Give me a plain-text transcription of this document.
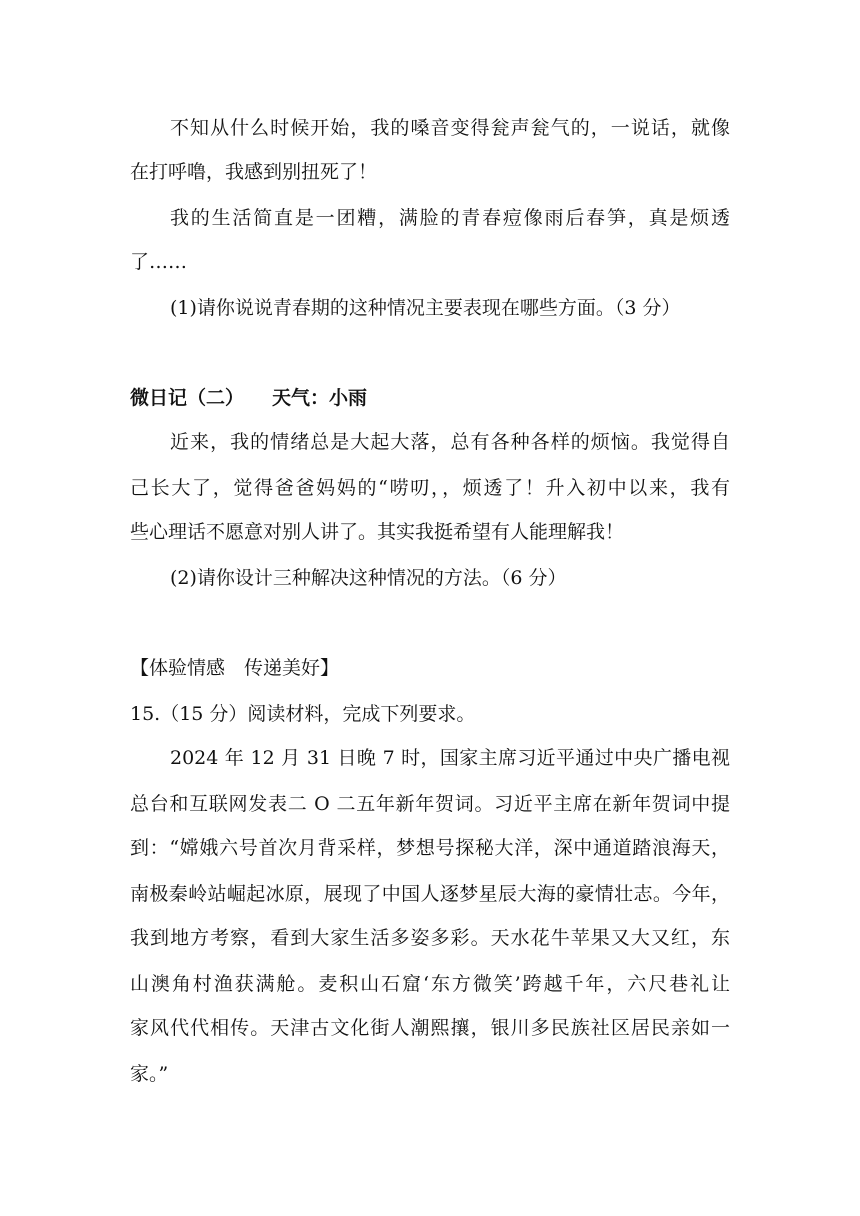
不知从什么时候开始，我的嗓音变得瓮声瓮气的，一说话，就像
在打呼噜，我感到别扭死了！
我的生活简直是一团糟，满脸的青春痘像雨后春笋，真是烦透
了……
(1)请你说说青春期的这种情况主要表现在哪些方面。（3 分）
微日记（二） 天气：小雨
近来，我的情绪总是大起大落，总有各种各样的烦恼。我觉得自
己长大了，觉得爸爸妈妈的“唠叨，，烦透了！升入初中以来，我有
些心理话不愿意对别人讲了。其实我挺希望有人能理解我！
(2)请你设计三种解决这种情况的方法。（6 分）
【体验情感　传递美好】
15.（15 分）阅读材料，完成下列要求。
2024 年 12 月 31 日晚 7 时，国家主席习近平通过中央广播电视
总台和互联网发表二 O 二五年新年贺词。习近平主席在新年贺词中提
到：“嫦娥六号首次月背采样，梦想号探秘大洋，深中通道踏浪海天，
南极秦岭站崛起冰原，展现了中国人逐梦星辰大海的豪情壮志。今年，
我到地方考察，看到大家生活多姿多彩。天水花牛苹果又大又红，东
山澳角村渔获满舱。麦积山石窟‘东方微笑’跨越千年，六尺巷礼让
家风代代相传。天津古文化街人潮熙攘，银川多民族社区居民亲如一
家。”
